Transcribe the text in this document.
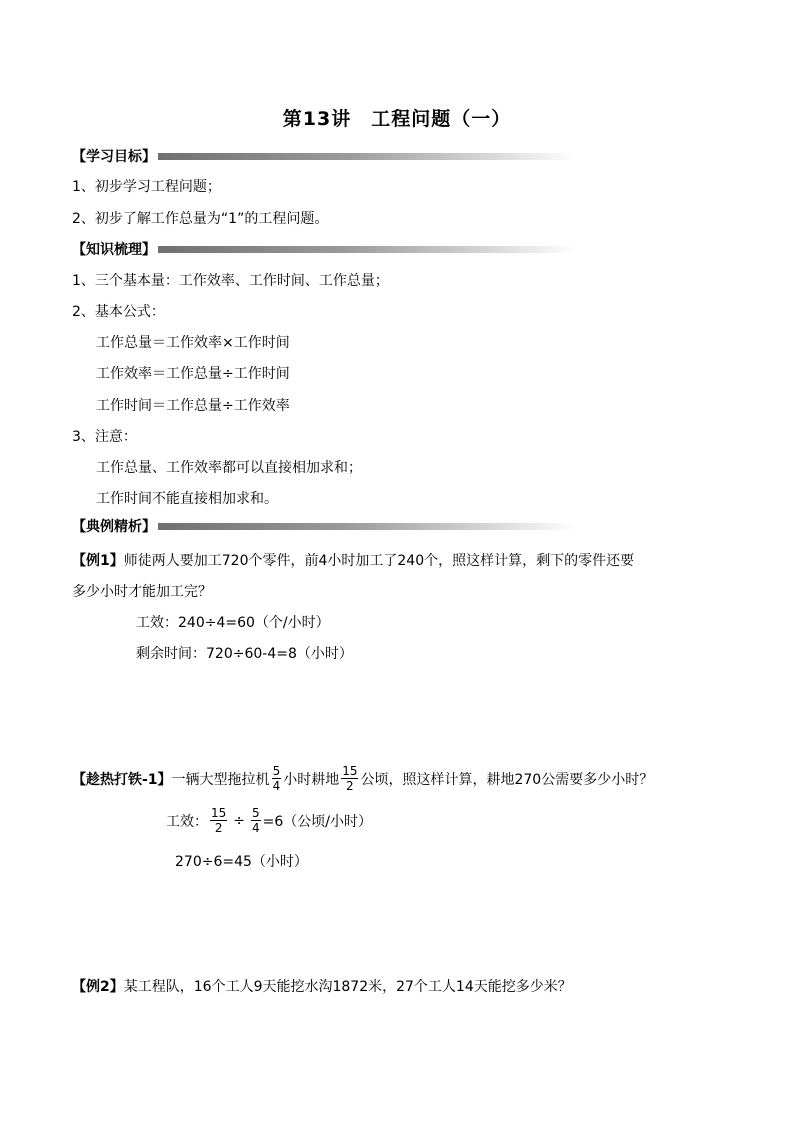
第13讲　工程问题（一）
【学习目标】
1、初步学习工程问题；
2、初步了解工作总量为“1”的工程问题。
【知识梳理】
1、三个基本量：工作效率、工作时间、工作总量；
2、基本公式：
工作总量＝工作效率×工作时间
工作效率＝工作总量÷工作时间
工作时间＝工作总量÷工作效率
3、注意：
工作总量、工作效率都可以直接相加求和；
工作时间不能直接相加求和。
【典例精析】
【例1】师徒两人要加工720个零件，前4小时加工了240个，照这样计算，剩下的零件还要
多少小时才能加工完？
工效：240÷4=60（个/小时）
剩余时间：720÷60-4=8（小时）
【趁热打铁-1】 一辆大型拖拉机 $\frac{5}{4}$ 小时耕地 $\frac{15}{2}$ 公顷，照这样计算，耕地270公需要多少小时？
工效： $\frac{15}{2} \div \frac{5}{4} =6$（公顷/小时）
270÷6=45（小时）
【例2】某工程队，16个工人9天能挖水沟1872米，27个工人14天能挖多少米？
